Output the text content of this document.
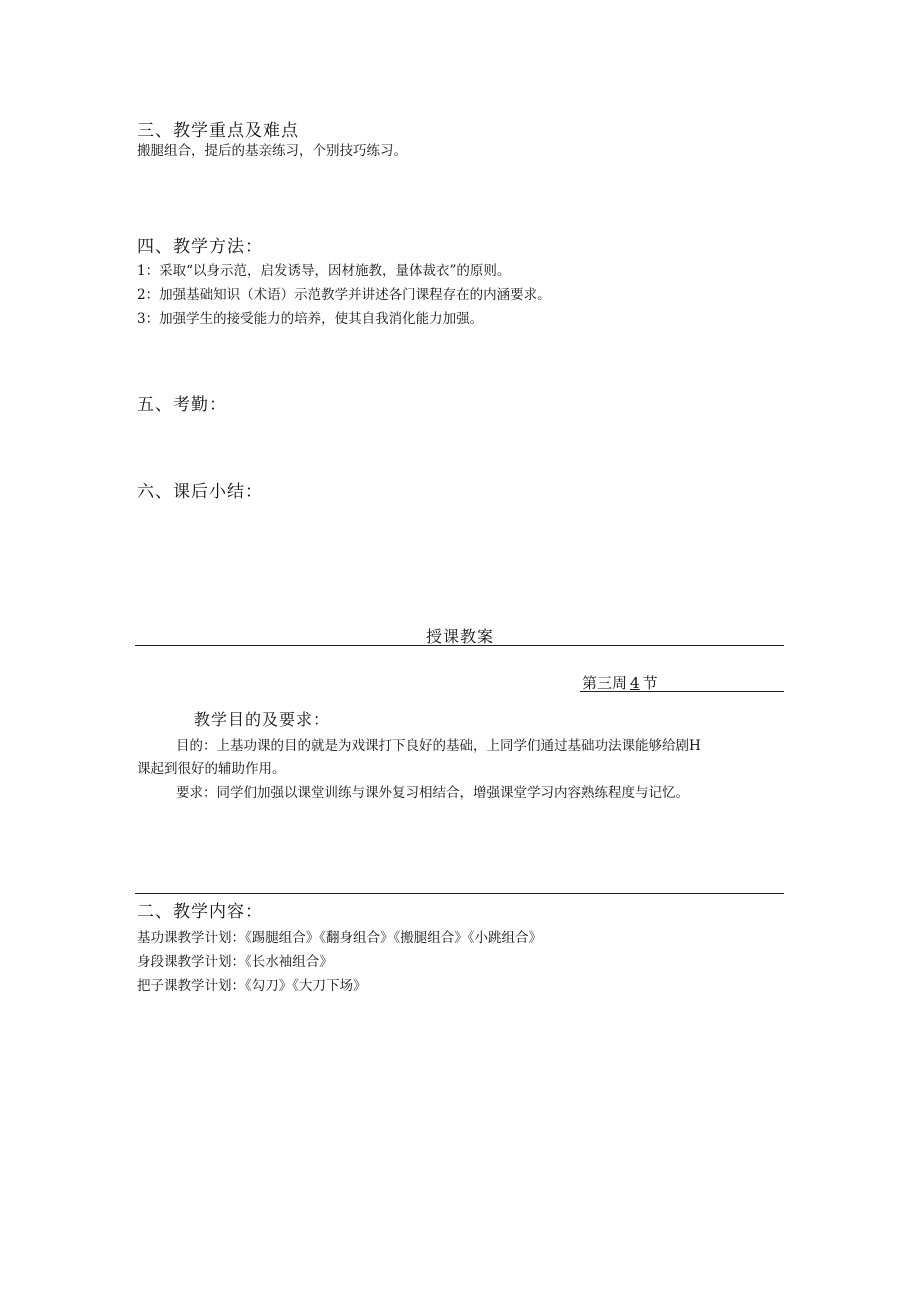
三、教学重点及难点
搬腿组合，提后的基亲练习，个别技巧练习。
四、教学方法：
1：采取“以身示范，启发诱导，因材施教，量体裁衣”的原则。
2：加强基础知识（术语）示范教学并讲述各门课程存在的内涵要求。
3：加强学生的接受能力的培养，使其自我消化能力加强。
五、考勤：
六、课后小结：
授课教案
第三周 4 节
教学目的及要求：
目的：上基功课的目的就是为戏课打下良好的基础，上同学们通过基础功法课能够给剧H
课起到很好的辅助作用。
要求：同学们加强以课堂训练与课外复习相结合，增强课堂学习内容熟练程度与记忆。
二、教学内容：
基功课教学计划：《踢腿组合》《翻身组合》《搬腿组合》《小跳组合》
身段课教学计划：《长水袖组合》
把子课教学计划：《勾刀》《大刀下场》
